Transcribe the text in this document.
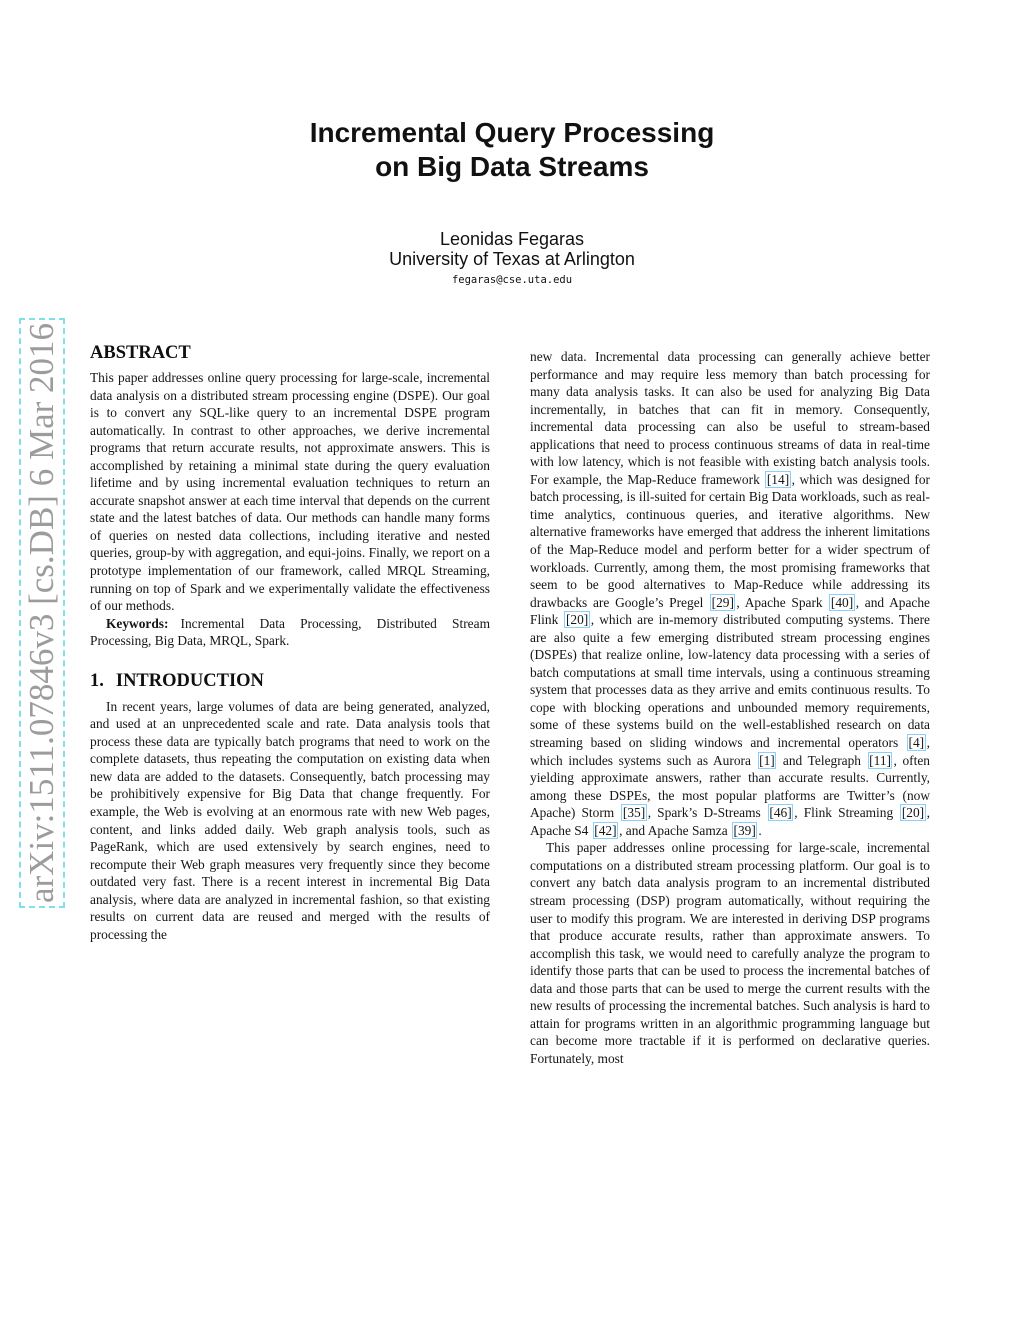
Incremental Query Processing
on Big Data Streams
Leonidas Fegaras
University of Texas at Arlington
fegaras@cse.uta.edu
arXiv:1511.07846v3 [cs.DB] 6 Mar 2016 ABSTRACT

This paper addresses online query processing for large-scale, incremental data analysis on a distributed stream processing engine (DSPE). Our goal is to convert any SQL-like query to an incremental DSPE program automatically. In contrast to other approaches, we derive incremental programs that return accurate results, not approximate answers. This is accomplished by retaining a minimal state during the query evaluation lifetime and by using incremental evaluation techniques to return an accurate snapshot answer at each time interval that depends on the current state and the latest batches of data. Our methods can handle many forms of queries on nested data collections, including iterative and nested queries, group-by with aggregation, and equi-joins. Finally, we report on a prototype implementation of our framework, called MRQL Streaming, running on top of Spark and we experimentally validate the effectiveness of our methods.

Keywords: Incremental Data Processing, Distributed Stream Processing, Big Data, MRQL, Spark.

1. INTRODUCTION

In recent years, large volumes of data are being generated, analyzed, and used at an unprecedented scale and rate. Data analysis tools that process these data are typically batch programs that need to work on the complete datasets, thus repeating the computation on existing data when new data are added to the datasets. Consequently, batch processing may be prohibitively expensive for Big Data that change frequently. For example, the Web is evolving at an enormous rate with new Web pages, content, and links added daily. Web graph analysis tools, such as PageRank, which are used extensively by search engines, need to recompute their Web graph measures very frequently since they become outdated very fast. There is a recent interest in incremental Big Data analysis, where data are analyzed in incremental fashion, so that existing results on current data are reused and merged with the results of processing the

new data. Incremental data processing can generally achieve better performance and may require less memory than batch processing for many data analysis tasks. It can also be used for analyzing Big Data incrementally, in batches that can fit in memory. Consequently, incremental data processing can also be useful to stream-based applications that need to process continuous streams of data in real-time with low latency, which is not feasible with existing batch analysis tools. For example, the Map-Reduce framework [14] , which was designed for batch processing, is ill-suited for certain Big Data workloads, such as real-time analytics, continuous queries, and iterative algorithms. New alternative frameworks have emerged that address the inherent limitations of the Map-Reduce model and perform better for a wider spectrum of workloads. Currently, among them, the most promising frameworks that seem to be good alternatives to Map-Reduce while addressing its drawbacks are Google’s Pregel [29] , Apache Spark [40] , and Apache Flink [20] , which are in-memory distributed computing systems. There are also quite a few emerging distributed stream processing engines (DSPEs) that realize online, low-latency data processing with a series of batch computations at small time intervals, using a continuous streaming system that processes data as they arrive and emits continuous results. To cope with blocking operations and unbounded memory requirements, some of these systems build on the well-established research on data streaming based on sliding windows and incremental operators [4] , which includes systems such as Aurora [1] and Telegraph [11] , often yielding approximate answers, rather than accurate results. Currently, among these DSPEs, the most popular platforms are Twitter’s (now Apache) Storm [35] , Spark’s D-Streams [46] , Flink Streaming [20] , Apache S4 [42] , and Apache Samza [39] .

This paper addresses online processing for large-scale, incremental computations on a distributed stream processing platform. Our goal is to convert any batch data analysis program to an incremental distributed stream processing (DSP) program automatically, without requiring the user to modify this program. We are interested in deriving DSP programs that produce accurate results, rather than approximate answers. To accomplish this task, we would need to carefully analyze the program to identify those parts that can be used to process the incremental batches of data and those parts that can be used to merge the current results with the new results of processing the incremental batches. Such analysis is hard to attain for programs written in an algorithmic programming language but can become more tractable if it is performed on declarative queries. Fortunately, most
